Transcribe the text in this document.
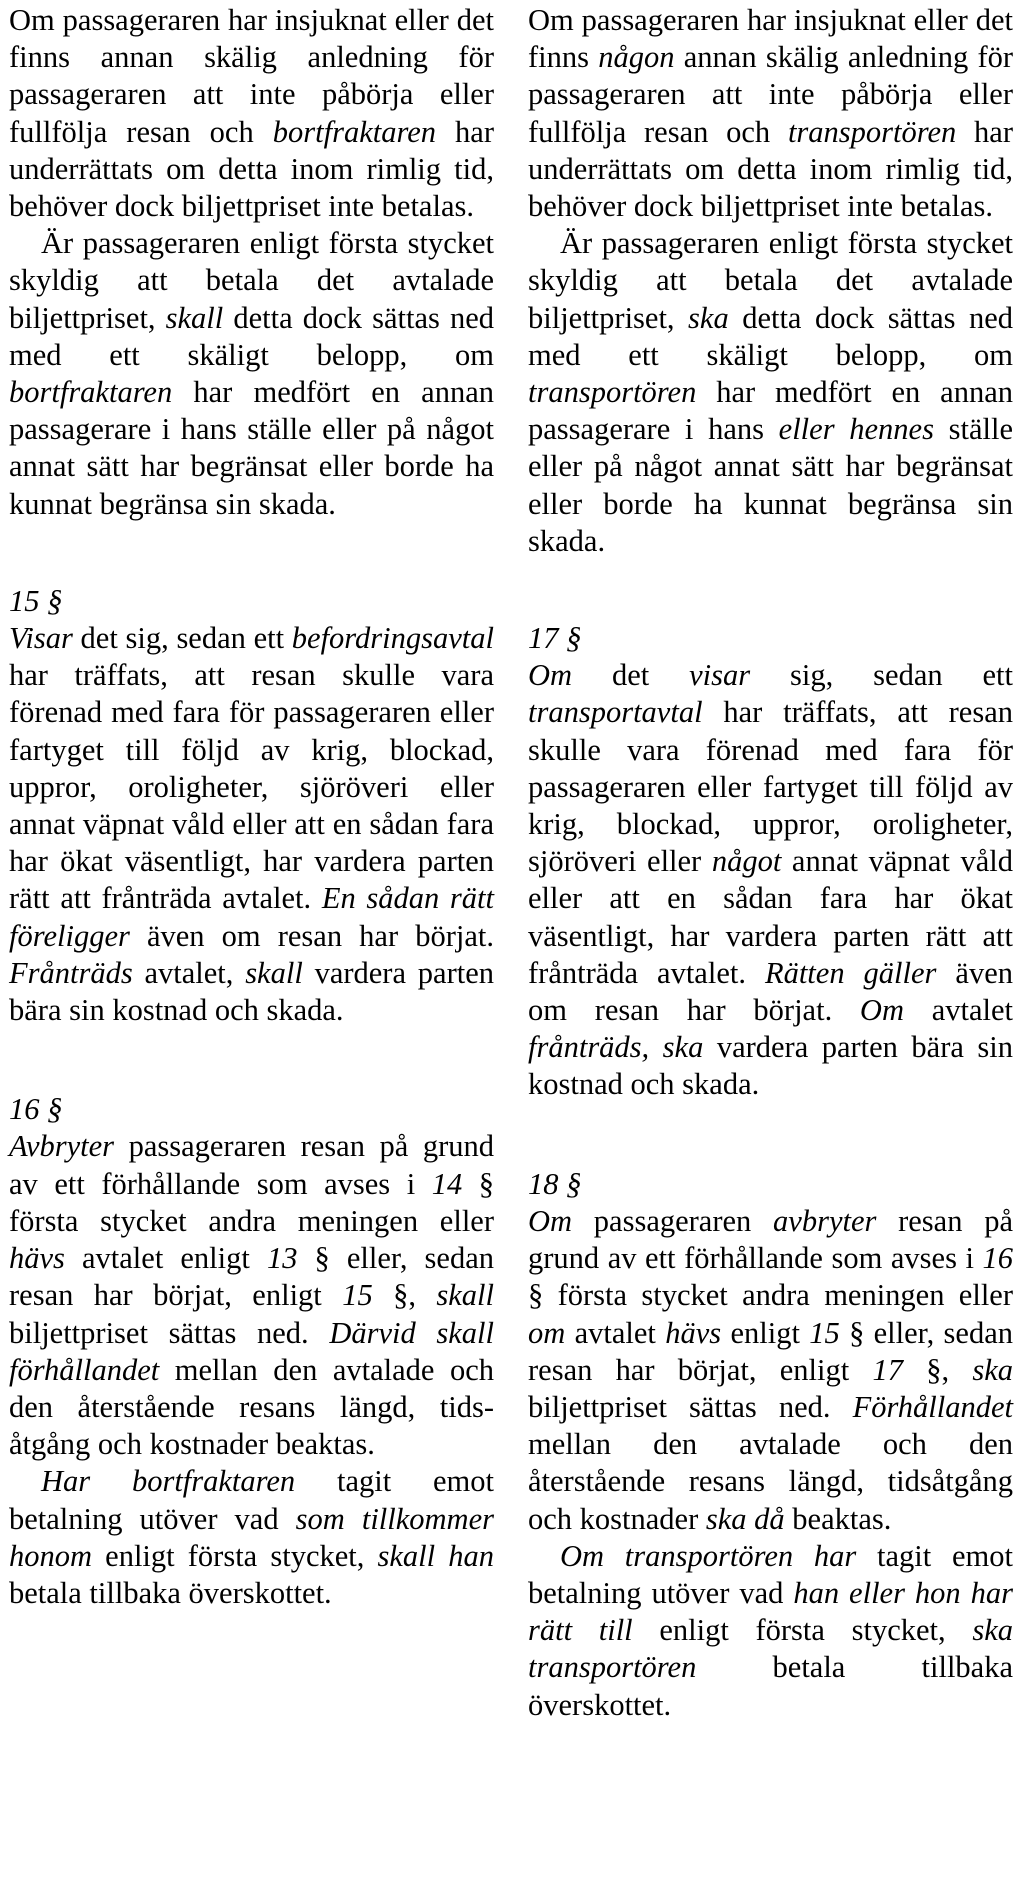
Om passageraren har insjuknat eller det finns annan skälig anledning för passageraren att inte påbörja eller fullfölja resan och bortfraktaren har underrättats om detta inom rimlig tid, behöver dock biljettpriset inte betalas.

Är passageraren enligt första stycket skyldig att betala det avtalade biljettpriset, skall detta dock sättas ned med ett skäligt belopp, om bortfraktaren har medfört en annan passagerare i hans ställe eller på något annat sätt har begränsat eller borde ha kunnat begränsa sin skada.

15 §

Visar det sig, sedan ett befordringsavtal har träffats, att resan skulle vara förenad med fara för passageraren eller fartyget till följd av krig, blockad, uppror, oroligheter, sjöröveri eller annat väpnat våld eller att en sådan fara har ökat väsentligt, har vardera parten rätt att frånträda avtalet. En sådan rätt föreligger även om resan har börjat. Frånträds avtalet, skall vardera parten bära sin kostnad och skada.

16 §

Avbryter passageraren resan på grund av ett förhållande som avses i 14 § första stycket andra meningen eller hävs avtalet enligt 13 § eller, sedan resan har börjat, enligt 15 §, skall biljettpriset sättas ned. Därvid skall förhållandet mellan den avtalade och den återstående resans längd, tidsåtgång och kostnader beaktas.

Har bortfraktaren tagit emot betalning utöver vad som tillkommer honom enligt första stycket, skall han betala tillbaka överskottet.

Om passageraren har insjuknat eller det finns någon annan skälig anledning för passageraren att inte påbörja eller fullfölja resan och transportören har underrättats om detta inom rimlig tid, behöver dock biljettpriset inte betalas.

Är passageraren enligt första stycket skyldig att betala det avtalade biljettpriset, ska detta dock sättas ned med ett skäligt belopp, om transportören har medfört en annan passagerare i hans eller hennes ställe eller på något annat sätt har begränsat eller borde ha kunnat begränsa sin skada.

17 §

Om det visar sig, sedan ett transportavtal har träffats, att resan skulle vara förenad med fara för passageraren eller fartyget till följd av krig, blockad, uppror, oroligheter, sjöröveri eller något annat väpnat våld eller att en sådan fara har ökat väsentligt, har vardera parten rätt att frånträda avtalet. Rätten gäller även om resan har börjat. Om avtalet frånträds, ska vardera parten bära sin kostnad och skada.

18 §

Om passageraren avbryter resan på grund av ett förhållande som avses i 16 § första stycket andra meningen eller om avtalet hävs enligt 15 § eller, sedan resan har börjat, enligt 17 §, ska biljettpriset sättas ned. Förhållandet mellan den avtalade och den återstående resans längd, tidsåtgång och kostnader ska då beaktas.

Om transportören har tagit emot betalning utöver vad han eller hon har rätt till enligt första stycket, ska transportören betala tillbaka överskottet.
